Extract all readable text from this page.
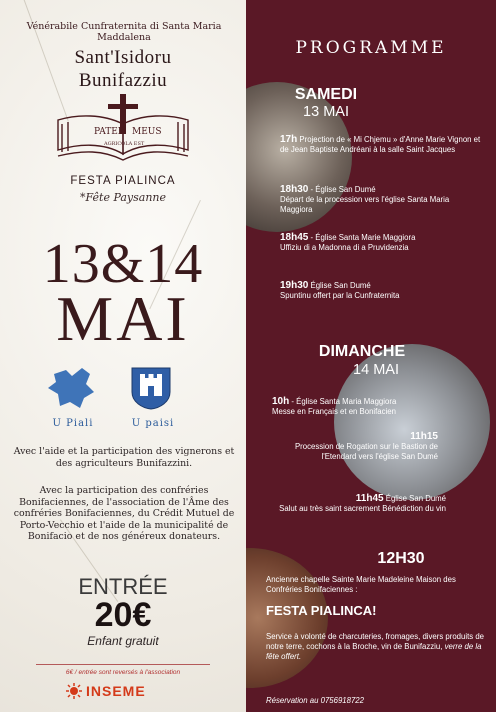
Vénérabile Cunfraternita di Santa Maria Maddalena
Sant'Isidoru
Bunifazziu
PATER MEUS
AGRICOLA EST
FESTA PIALINCA
*Fête Paysanne
13&14
MAI
U Piali	U paisi
Avec l'aide et la participation des vignerons et des agriculteurs Bunifazzini.
Avec la participation des confréries Bonifaciennes, de l'association de l'Âme des confréries Bonifaciennes, du Crédit Mutuel de Porto-Vecchio et l'aide de la municipalité de Bonifacio et de nos généreux donateurs.
ENTRÉE
20€
Enfant gratuit
6€ / entrée sont reversés à l'association
INSEME
PROGRAMME
SAMEDI
13 MAI
17h Projection de « Mi Chjemu » d'Anne Marie Vignon et de Jean Baptiste Andréani à la salle Saint Jacques
18h30 - Église San Dumé
Départ de la procession vers l'église Santa Maria Maggiora
18h45 - Église Santa Marie Maggiora
Uffiziu di a Madonna di a Pruvidenzia
19h30 Église San Dumé
Spuntinu offert par la Cunfraternita
DIMANCHE
14 MAI
10h - Église Santa Maria Maggiora
Messe en Français et en Bonifacien
11h15
Procession de Rogation sur le Bastion de l'Etendard vers l'église San Dumé
11h45 Église San Dumé
Salut au très saint sacrement Bénédiction du vin
12H30
Ancienne chapelle Sainte Marie Madeleine Maison des Confréries Bonifaciennes :
FESTA PIALINCA!
Service à volonté de charcuteries, fromages, divers produits de notre terre, cochons à la Broche, vin de Bunifazziu, verre de la fête offert.
Réservation au 0756918722
